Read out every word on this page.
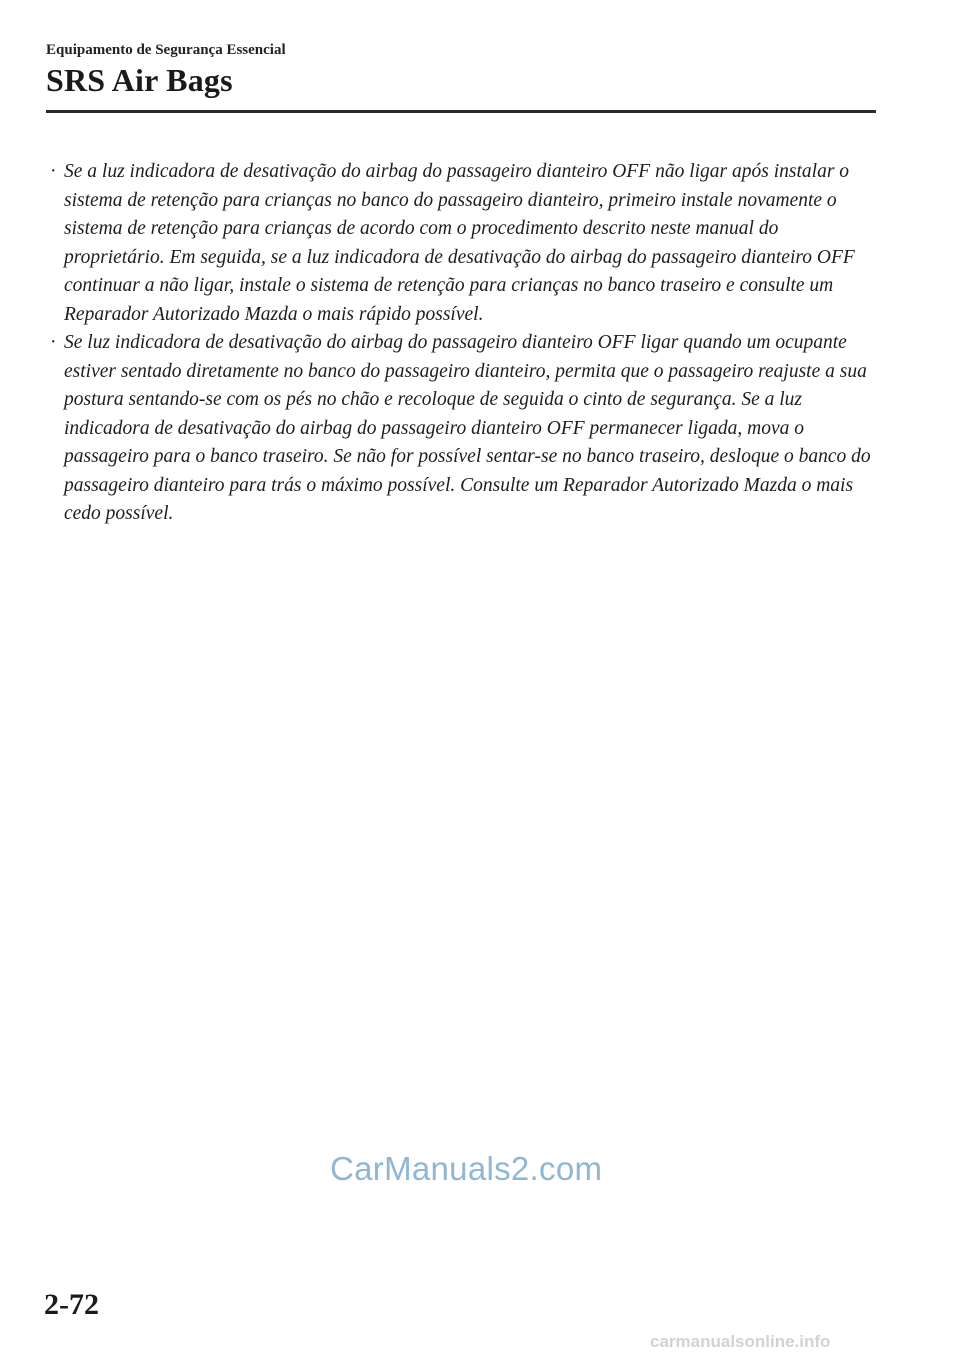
Equipamento de Segurança Essencial
SRS Air Bags
· Se a luz indicadora de desativação do airbag do passageiro dianteiro OFF não ligar após instalar o sistema de retenção para crianças no banco do passageiro dianteiro, primeiro instale novamente o sistema de retenção para crianças de acordo com o procedimento descrito neste manual do proprietário. Em seguida, se a luz indicadora de desativação do airbag do passageiro dianteiro OFF continuar a não ligar, instale o sistema de retenção para crianças no banco traseiro e consulte um Reparador Autorizado Mazda o mais rápido possível.
· Se luz indicadora de desativação do airbag do passageiro dianteiro OFF ligar quando um ocupante estiver sentado diretamente no banco do passageiro dianteiro, permita que o passageiro reajuste a sua postura sentando-se com os pés no chão e recoloque de seguida o cinto de segurança. Se a luz indicadora de desativação do airbag do passageiro dianteiro OFF permanecer ligada, mova o passageiro para o banco traseiro. Se não for possível sentar-se no banco traseiro, desloque o banco do passageiro dianteiro para trás o máximo possível. Consulte um Reparador Autorizado Mazda o mais cedo possível.
CarManuals2.com
2-72
carmanualsonline.info
